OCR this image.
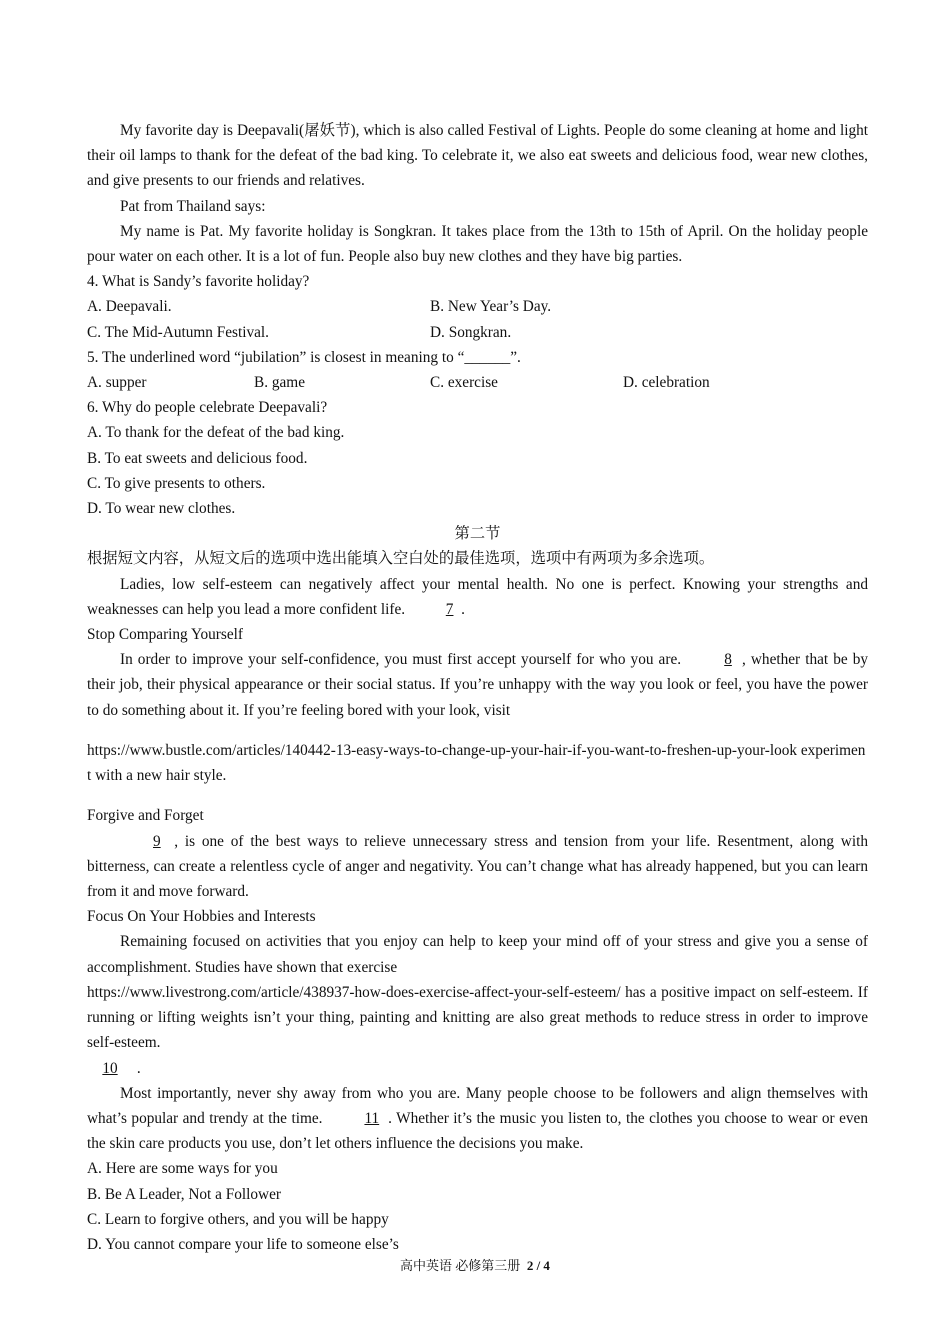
My favorite day is Deepavali(屠妖节), which is also called Festival of Lights. People do some cleaning at home and light their oil lamps to thank for the defeat of the bad king. To celebrate it, we also eat sweets and delicious food, wear new clothes, and give presents to our friends and relatives.

Pat from Thailand says:

My name is Pat. My favorite holiday is Songkran. It takes place from the 13th to 15th of April. On the holiday people pour water on each other. It is a lot of fun. People also buy new clothes and they have big parties.

4. What is Sandy’s favorite holiday?

A. Deepavali.	B. New Year’s Day.
C. The Mid-Autumn Festival.	D. Songkran.

5. The underlined word “jubilation” is closest in meaning to “______”.

A. supper	B. game	C. exercise	D. celebration

6. Why do people celebrate Deepavali?

A. To thank for the defeat of the bad king.

B. To eat sweets and delicious food.

C. To give presents to others.

D. To wear new clothes.

第二节

根据短文内容，从短文后的选项中选出能填入空白处的最佳选项，选项中有两项为多余选项。

Ladies, low self-esteem can negatively affect your mental health. No one is perfect. Knowing your strengths and weaknesses can help you lead a more confident life.	7  .

Stop Comparing Yourself

In order to improve your self-confidence, you must first accept yourself for who you are.	8 , whether that be by their job, their physical appearance or their social status. If you’re unhappy with the way you look or feel, you have the power to do something about it. If you’re feeling bored with your look, visit

https://www.bustle.com/articles/140442-13-easy-ways-to-change-up-your-hair-if-you-want-to-freshen-up-your-look experiment with a new hair style.

Forgive and Forget

9 , is one of the best ways to relieve unnecessary stress and tension from your life. Resentment, along with bitterness, can create a relentless cycle of anger and negativity. You can’t change what has already happened, but you can learn from it and move forward.

Focus On Your Hobbies and Interests

Remaining focused on activities that you enjoy can help to keep your mind off of your stress and give you a sense of accomplishment. Studies have shown that exercise

https://www.livestrong.com/article/438937-how-does-exercise-affect-your-self-esteem/ has a positive impact on self-esteem. If running or lifting weights isn’t your thing, painting and knitting are also great methods to reduce stress in order to improve self-esteem.

10 .

Most importantly, never shy away from who you are. Many people choose to be followers and align themselves with what’s popular and trendy at the time.	11 . Whether it’s the music you listen to, the clothes you choose to wear or even the skin care products you use, don’t let others influence the decisions you make.

A. Here are some ways for you

B. Be A Leader, Not a Follower

C. Learn to forgive others, and you will be happy

D. You cannot compare your life to someone else’s

高中英语 必修第三册 2 / 4
